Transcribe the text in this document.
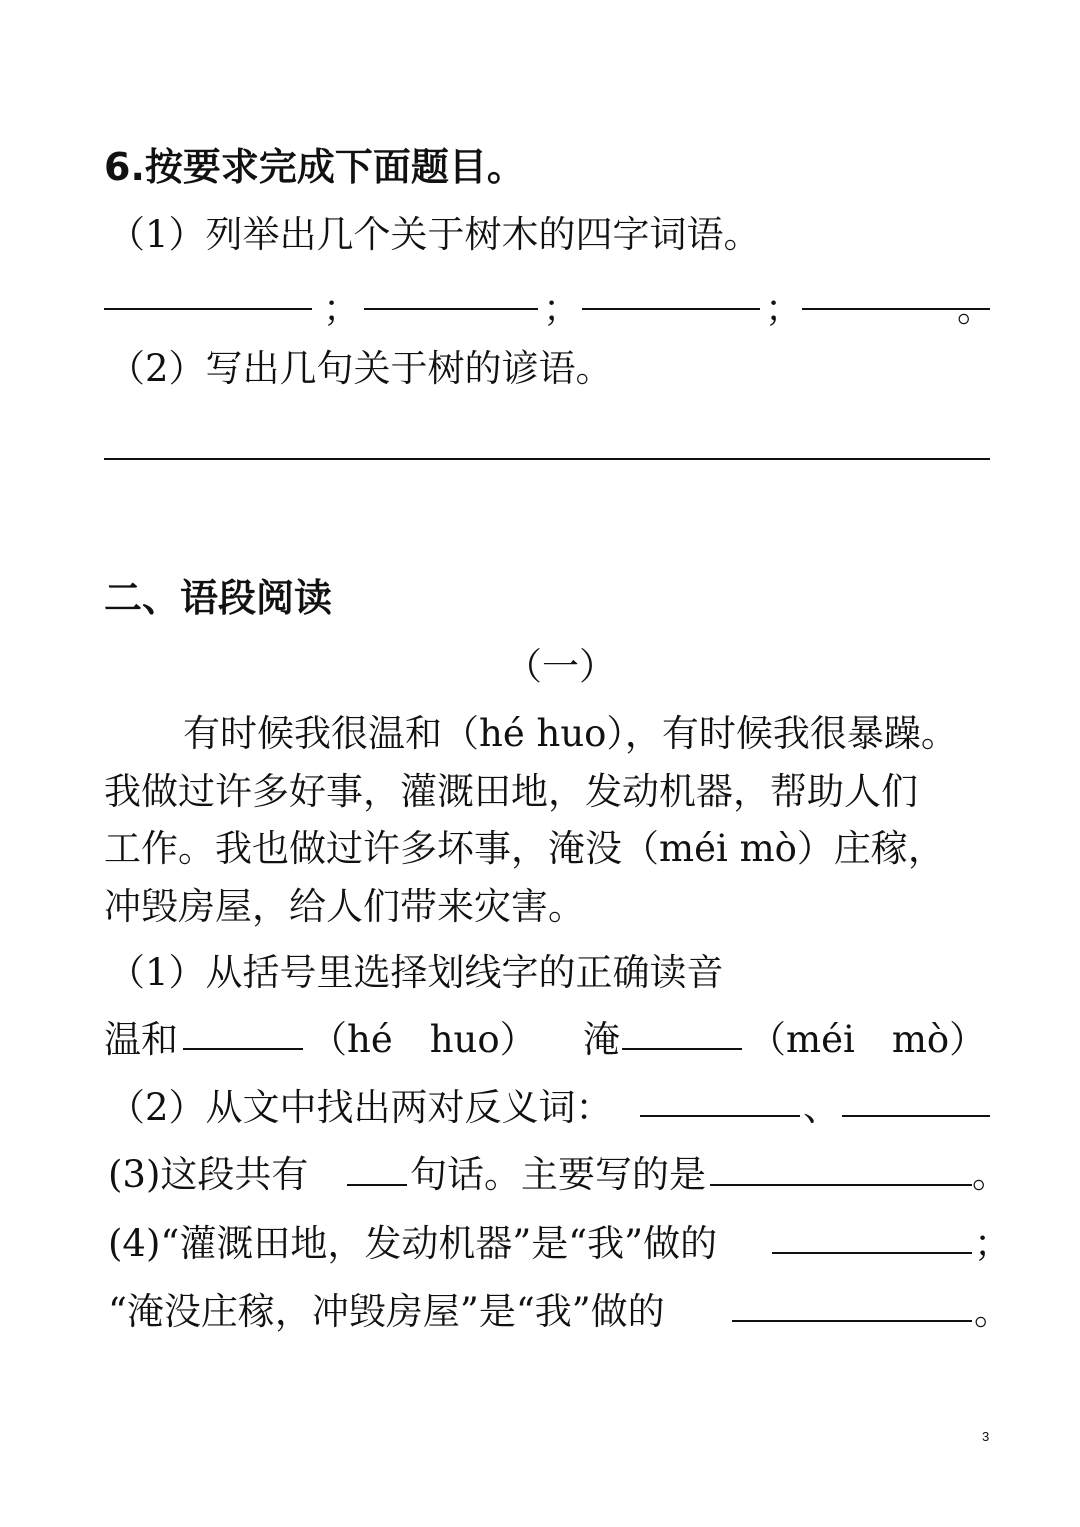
6.按要求完成下面题目。
（1）列举出几个关于树木的四字词语。
；	；	；	。
（2）写出几句关于树的谚语。
二、语段阅读
（一）
有时候我很温和（hé huo），有时候我很暴躁。
我做过许多好事，灌溉田地，发动机器，帮助人们
工作。我也做过许多坏事，淹没（méi mò）庄稼，
冲毁房屋，给人们带来灾害。
（1）从括号里选择划线字的正确读音
温和	（hé　huo） 淹	（méi　mò）
（2）从文中找出两对反义词：	、
(3)这段共有	句话。主要写的是	。
(4)“灌溉田地，发动机器”是“我”做的	；
“淹没庄稼，冲毁房屋”是“我”做的	。
3
